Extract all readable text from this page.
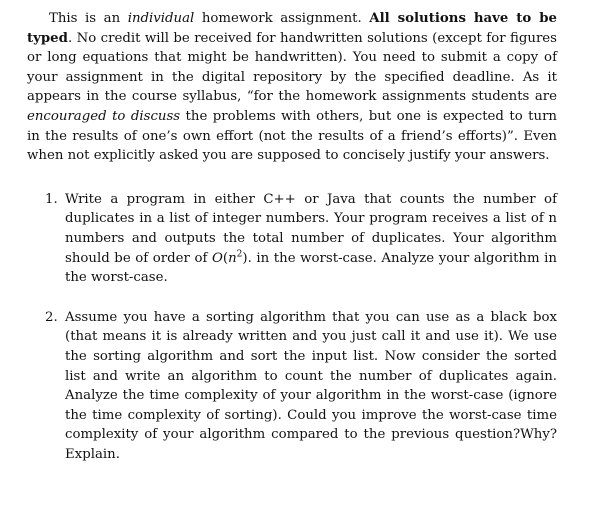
This is an individual homework assignment. All solutions have to be typed. No credit will be received for handwritten solutions (except for figures or long equations that might be handwritten). You need to submit a copy of your assignment in the digital repository by the specified deadline. As it appears in the course syllabus, “for the homework assignments students are encouraged to discuss the problems with others, but one is expected to turn in the results of one’s own effort (not the results of a friend’s efforts)”. Even when not explicitly asked you are supposed to concisely justify your answers.

1. Write a program in either C++ or Java that counts the number of duplicates in a list of integer numbers. Your program receives a list of n numbers and outputs the total number of duplicates. Your algorithm should be of order of $O(n^2)$. in the worst-case. Analyze your algorithm in the worst-case.
2. Assume you have a sorting algorithm that you can use as a black box (that means it is already written and you just call it and use it). We use the sorting algorithm and sort the input list. Now consider the sorted list and write an algorithm to count the number of duplicates again. Analyze the time complexity of your algorithm in the worst-case (ignore the time complexity of sorting). Could you improve the worst-case time complexity of your algorithm compared to the previous question?Why? Explain.
